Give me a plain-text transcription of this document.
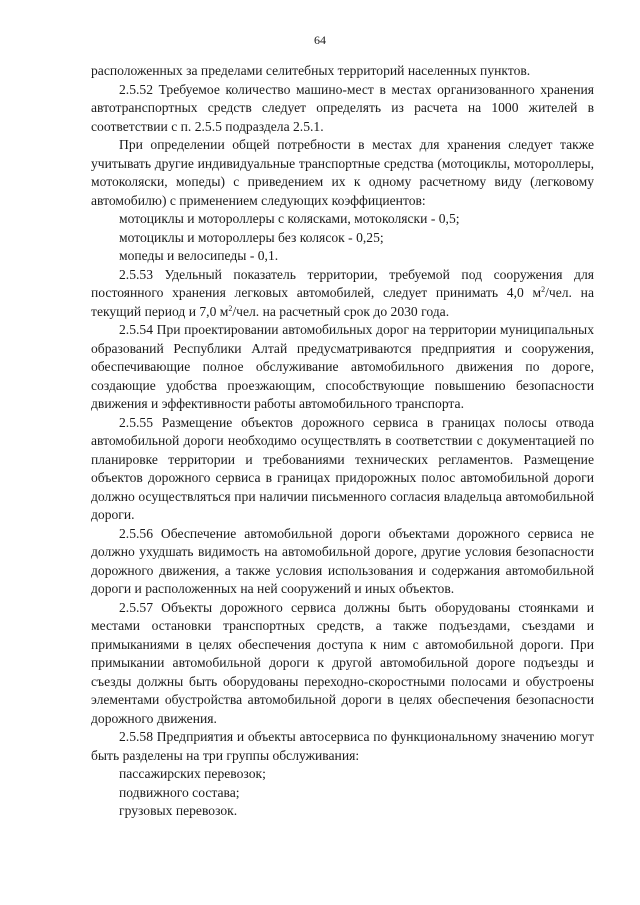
64

расположенных за пределами селитебных территорий населенных пунктов.

2.5.52 Требуемое количество машино-мест в местах организованного хранения автотранспортных средств следует определять из расчета на 1000 жителей в соответствии с п. 2.5.5 подраздела 2.5.1.

При определении общей потребности в местах для хранения следует также учитывать другие индивидуальные транспортные средства (мотоциклы, мотороллеры, мотоколяски, мопеды) с приведением их к одному расчетному виду (легковому автомобилю) с применением следующих коэффициентов:

мотоциклы и мотороллеры с колясками, мотоколяски - 0,5;

мотоциклы и мотороллеры без колясок - 0,25;

мопеды и велосипеды - 0,1.

2.5.53 Удельный показатель территории, требуемой под сооружения для постоянного хранения легковых автомобилей, следует принимать 4,0 $м^2$/чел. на текущий период и 7,0 $м^2$/чел. на расчетный срок до 2030 года.

2.5.54 При проектировании автомобильных дорог на территории муниципальных образований Республики Алтай предусматриваются предприятия и сооружения, обеспечивающие полное обслуживание автомобильного движения по дороге, создающие удобства проезжающим, способствующие повышению безопасности движения и эффективности работы автомобильного транспорта.

2.5.55 Размещение объектов дорожного сервиса в границах полосы отвода автомобильной дороги необходимо осуществлять в соответствии с документацией по планировке территории и требованиями технических регламентов. Размещение объектов дорожного сервиса в границах придорожных полос автомобильной дороги должно осуществляться при наличии письменного согласия владельца автомобильной дороги.

2.5.56 Обеспечение автомобильной дороги объектами дорожного сервиса не должно ухудшать видимость на автомобильной дороге, другие условия безопасности дорожного движения, а также условия использования и содержания автомобильной дороги и расположенных на ней сооружений и иных объектов.

2.5.57 Объекты дорожного сервиса должны быть оборудованы стоянками и местами остановки транспортных средств, а также подъездами, съездами и примыканиями в целях обеспечения доступа к ним с автомобильной дороги. При примыкании автомобильной дороги к другой автомобильной дороге подъезды и съезды должны быть оборудованы переходно-скоростными полосами и обустроены элементами обустройства автомобильной дороги в целях обеспечения безопасности дорожного движения.

2.5.58 Предприятия и объекты автосервиса по функциональному значению могут быть разделены на три группы обслуживания:

пассажирских перевозок;

подвижного состава;

грузовых перевозок.
